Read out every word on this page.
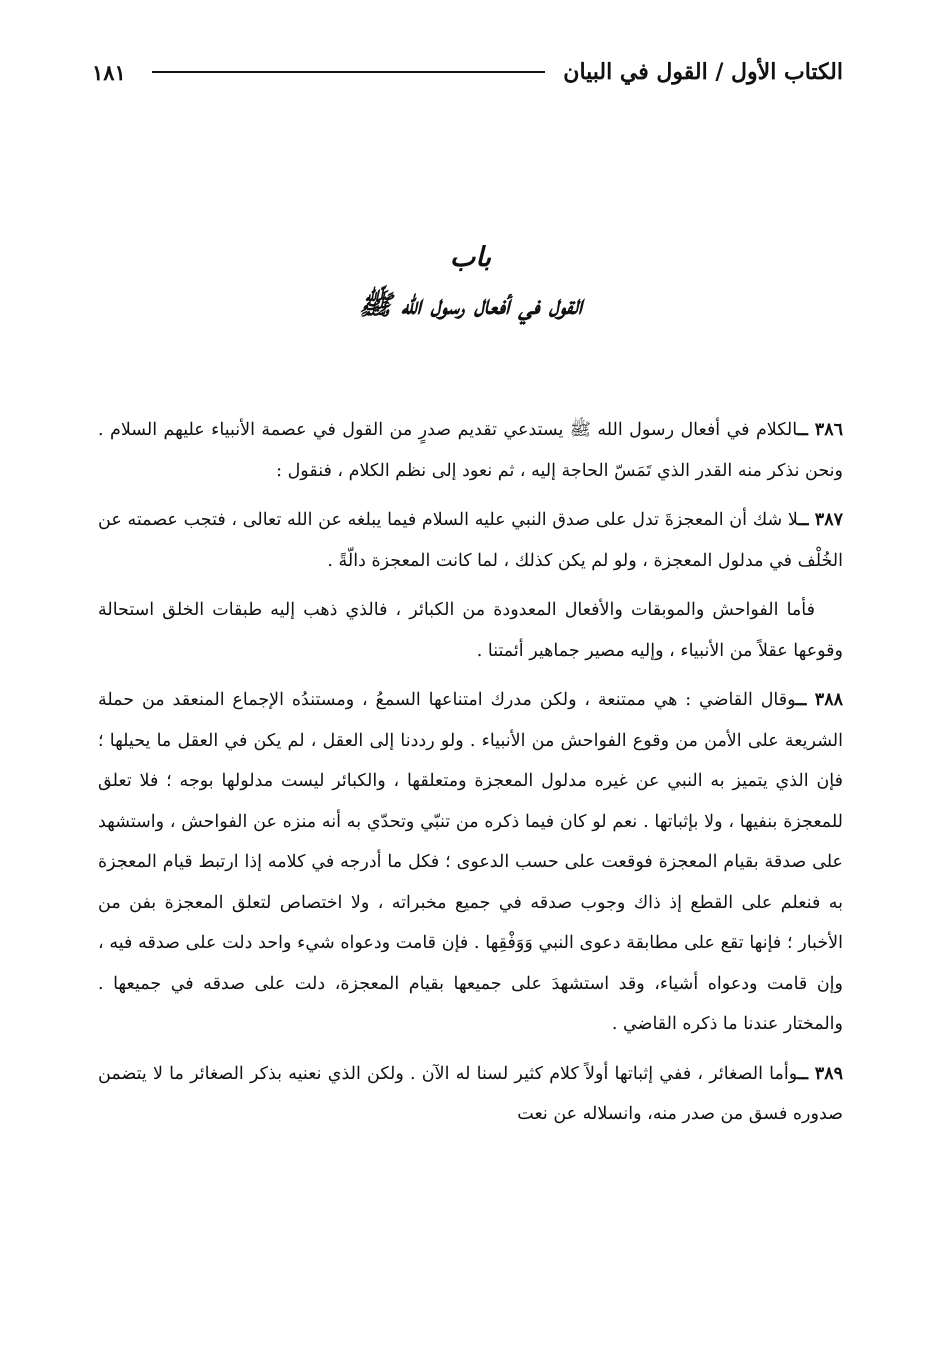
الكتاب الأول / القول في البيان
١٨١
باب
القول في أفعال رسول الله ﷺ

٣٨٦ ــالكلام في أفعال رسول الله ﷺ يستدعي تقديم صدرٍ من القول في عصمة الأنبياء عليهم السلام . ونحن نذكر منه القدر الذي تَمَسّ الحاجة إليه ، ثم نعود إلى نظم الكلام ، فنقول :

٣٨٧ ــلا شك أن المعجزةَ تدل على صدق النبي عليه السلام فيما يبلغه عن الله تعالى ، فتجب عصمته عن الخُلْف في مدلول المعجزة ، ولو لم يكن كذلك ، لما كانت المعجزة دالّةً .

فأما الفواحش والموبقات والأفعال المعدودة من الكبائر ، فالذي ذهب إليه طبقات الخلق استحالة وقوعها عقلاً من الأنبياء ، وإليه مصير جماهير أئمتنا .

٣٨٨ ــوقال القاضي : هي ممتنعة ، ولكن مدرك امتناعها السمعُ ، ومستندُه الإجماع المنعقد من حملة الشريعة على الأمن من وقوع الفواحش من الأنبياء . ولو رددنا إلى العقل ، لم يكن في العقل ما يحيلها ؛ فإن الذي يتميز به النبي عن غيره مدلول المعجزة ومتعلقها ، والكبائر ليست مدلولها بوجه ؛ فلا تعلق للمعجزة بنفيها ، ولا بإثباتها . نعم لو كان فيما ذكره من تنبّي وتحدّي به أنه منزه عن الفواحش ، واستشهد على صدقة بقيام المعجزة فوقعت على حسب الدعوى ؛ فكل ما أدرجه في كلامه إذا ارتبط قيام المعجزة به فنعلم على القطع إذ ذاك وجوب صدقه في جميع مخبراته ، ولا اختصاص لتعلق المعجزة بفن من الأخبار ؛ فإنها تقع على مطابقة دعوى النبي وَوَفْقِها . فإن قامت ودعواه شيء واحد دلت على صدقه فيه ، وإن قامت ودعواه أشياء، وقد استشهدَ على جميعها بقيام المعجزة، دلت على صدقه في جميعها . والمختار عندنا ما ذكره القاضي .

٣٨٩ ــوأما الصغائر ، ففي إثباتها أولاً كلام كثير لسنا له الآن . ولكن الذي نعنيه بذكر الصغائر ما لا يتضمن صدوره فسق من صدر منه، وانسلاله عن نعت
